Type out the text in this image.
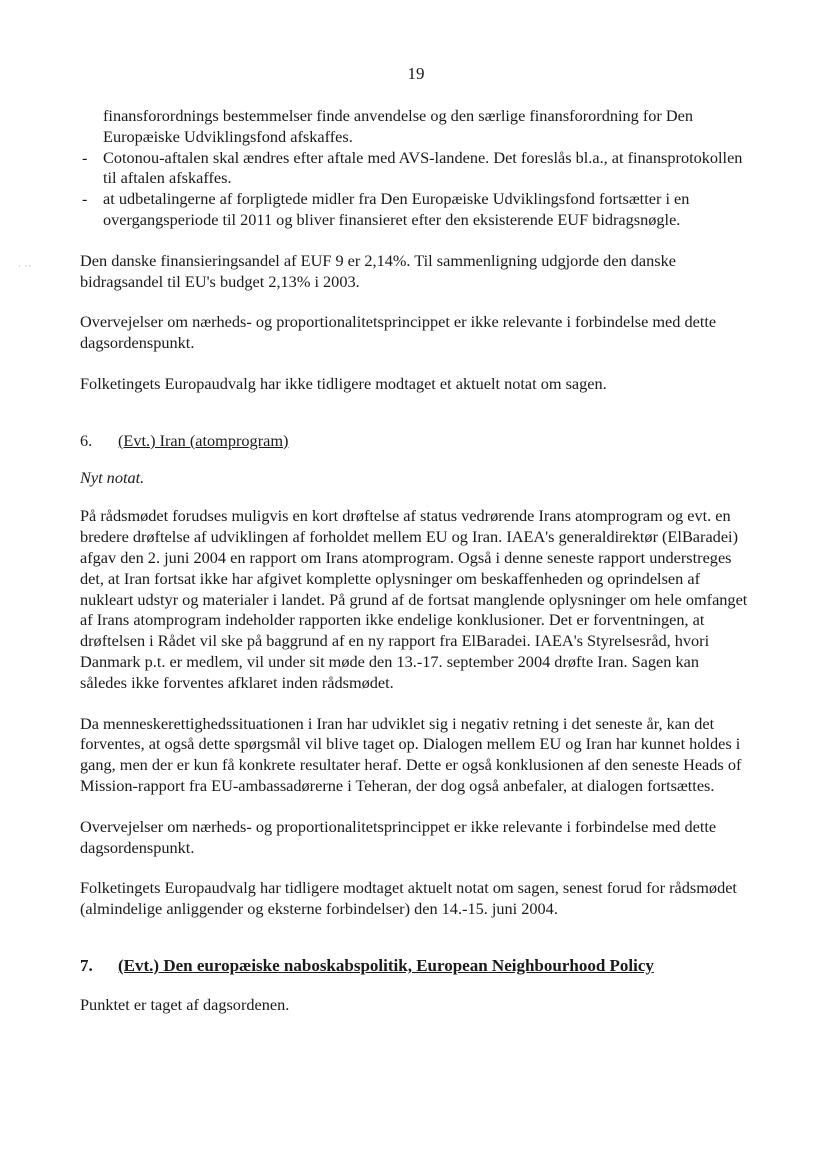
19
· ··

finansforordnings bestemmelser finde anvendelse og den særlige finansforordning for Den Europæiske Udviklingsfond afskaffes.

- Cotonou-aftalen skal ændres efter aftale med AVS-landene. Det foreslås bl.a., at finansprotokollen til aftalen afskaffes.
- at udbetalingerne af forpligtede midler fra Den Europæiske Udviklingsfond fortsætter i en overgangsperiode til 2011 og bliver finansieret efter den eksisterende EUF bidragsnøgle.

Den danske finansieringsandel af EUF 9 er 2,14%. Til sammenligning udgjorde den danske bidragsandel til EU's budget 2,13% i 2003.

Overvejelser om nærheds- og proportionalitetsprincippet er ikke relevante i forbindelse med dette dagsordenspunkt.

Folketingets Europaudvalg har ikke tidligere modtaget et aktuelt notat om sagen.

6. (Evt.) Iran (atomprogram)

Nyt notat.

På rådsmødet forudses muligvis en kort drøftelse af status vedrørende Irans atomprogram og evt. en bredere drøftelse af udviklingen af forholdet mellem EU og Iran. IAEA's generaldirektør (ElBaradei) afgav den 2. juni 2004 en rapport om Irans atomprogram. Også i denne seneste rapport understreges det, at Iran fortsat ikke har afgivet komplette oplysninger om beskaffenheden og oprindelsen af nukleart udstyr og materialer i landet. På grund af de fortsat manglende oplysninger om hele omfanget af Irans atomprogram indeholder rapporten ikke endelige konklusioner. Det er forventningen, at drøftelsen i Rådet vil ske på baggrund af en ny rapport fra ElBaradei. IAEA's Styrelsesråd, hvori Danmark p.t. er medlem, vil under sit møde den 13.-17. september 2004 drøfte Iran. Sagen kan således ikke forventes afklaret inden rådsmødet.

Da menneskerettighedssituationen i Iran har udviklet sig i negativ retning i det seneste år, kan det forventes, at også dette spørgsmål vil blive taget op. Dialogen mellem EU og Iran har kunnet holdes i gang, men der er kun få konkrete resultater heraf. Dette er også konklusionen af den seneste Heads of Mission-rapport fra EU-ambassadørerne i Teheran, der dog også anbefaler, at dialogen fortsættes.

Overvejelser om nærheds- og proportionalitetsprincippet er ikke relevante i forbindelse med dette dagsordenspunkt.

Folketingets Europaudvalg har tidligere modtaget aktuelt notat om sagen, senest forud for rådsmødet (almindelige anliggender og eksterne forbindelser) den 14.-15. juni 2004.

7. (Evt.) Den europæiske naboskabspolitik, European Neighbourhood Policy

Punktet er taget af dagsordenen.
